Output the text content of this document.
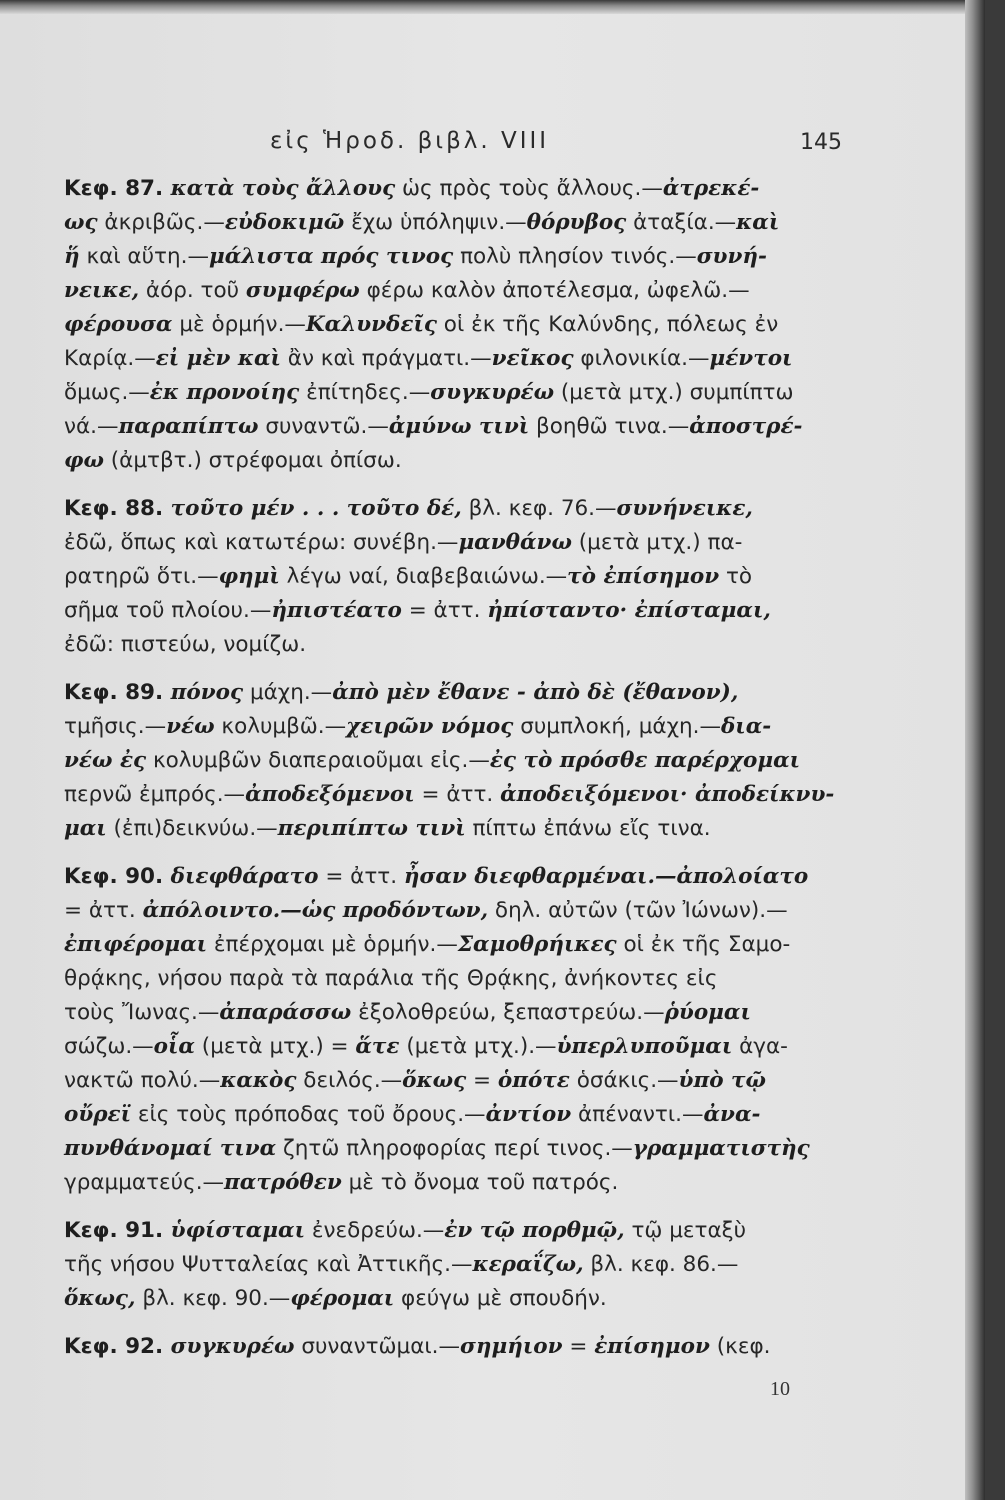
εἰς Ἡροδ. βιβλ. VIII	145
Κεφ. 87. κατὰ τοὺς ἄλλους ὡς πρὸς τοὺς ἄλλους.—ἀτρεκέ-
ως ἀκριβῶς.—εὐδοκιμῶ ἔχω ὑπόληψιν.—θόρυβος ἀταξία.—καὶ
ἥ καὶ αὕτη.—μάλιστα πρός τινος πολὺ πλησίον τινός.—συνή-
νεικε, ἀόρ. τοῦ συμφέρω φέρω καλὸν ἀποτέλεσμα, ὠφελῶ.—
φέρουσα μὲ ὁρμήν.—Καλυνδεῖς οἱ ἐκ τῆς Καλύνδης, πόλεως ἐν
Καρίᾳ.—εἰ μὲν καὶ ἂν καὶ πράγματι.—νεῖκος φιλονικία.—μέντοι
ὅμως.—ἐκ προνοίης ἐπίτηδες.—συγκυρέω (μετὰ μτχ.) συμπίπτω
νά.—παραπίπτω συναντῶ.—ἀμύνω τινὶ βοηθῶ τινα.—ἀποστρέ-
φω (ἀμτβτ.) στρέφομαι ὀπίσω.
Κεφ. 88. τοῦτο μέν . . . τοῦτο δέ, βλ. κεφ. 76.—συνήνεικε,
ἐδῶ, ὅπως καὶ κατωτέρω: συνέβη.—μανθάνω (μετὰ μτχ.) πα-
ρατηρῶ ὅτι.—φημὶ λέγω ναί, διαβεβαιώνω.—τὸ ἐπίσημον τὸ
σῆμα τοῦ πλοίου.—ἠπιστέατο = ἀττ. ἠπίσταντο· ἐπίσταμαι,
ἐδῶ: πιστεύω, νομίζω.
Κεφ. 89. πόνος μάχη.—ἀπὸ μὲν ἔθανε - ἀπὸ δὲ (ἔθανον),
τμῆσις.—νέω κολυμβῶ.—χειρῶν νόμος συμπλοκή, μάχη.—δια-
νέω ἐς κολυμβῶν διαπεραιοῦμαι εἰς.—ἐς τὸ πρόσθε παρέρχομαι
περνῶ ἐμπρός.—ἀποδεξόμενοι = ἀττ. ἀποδειξόμενοι· ἀποδείκνυ-
μαι (ἐπι)δεικνύω.—περιπίπτω τινὶ πίπτω ἐπάνω εἴς τινα.
Κεφ. 90. διεφθάρατο = ἀττ. ἦσαν διεφθαρμέναι.—ἀπολοίατο
= ἀττ. ἀπόλοιντο.—ὡς προδόντων, δηλ. αὐτῶν (τῶν Ἰώνων).—
ἐπιφέρομαι ἐπέρχομαι μὲ ὁρμήν.—Σαμοθρήικες οἱ ἐκ τῆς Σαμο-
θρᾴκης, νήσου παρὰ τὰ παράλια τῆς Θρᾴκης, ἀνήκοντες εἰς
τοὺς Ἴωνας.—ἀπαράσσω ἐξολοθρεύω, ξεπαστρεύω.—ῥύομαι
σώζω.—οἷα (μετὰ μτχ.) = ἅτε (μετὰ μτχ.).—ὑπερλυποῦμαι ἀγα-
νακτῶ πολύ.—κακὸς δειλός.—ὅκως = ὁπότε ὁσάκις.—ὑπὸ τῷ
οὔρεϊ εἰς τοὺς πρόποδας τοῦ ὄρους.—ἀντίον ἀπέναντι.—ἀνα-
πυνθάνομαί τινα ζητῶ πληροφορίας περί τινος.—γραμματιστὴς
γραμματεύς.—πατρόθεν μὲ τὸ ὄνομα τοῦ πατρός.
Κεφ. 91. ὑφίσταμαι ἐνεδρεύω.—ἐν τῷ πορθμῷ, τῷ μεταξὺ
τῆς νήσου Ψυτταλείας καὶ Ἀττικῆς.—κεραΐζω, βλ. κεφ. 86.—
ὅκως, βλ. κεφ. 90.—φέρομαι φεύγω μὲ σπουδήν.
Κεφ. 92. συγκυρέω συναντῶμαι.—σημήιον = ἐπίσημον (κεφ.
10
